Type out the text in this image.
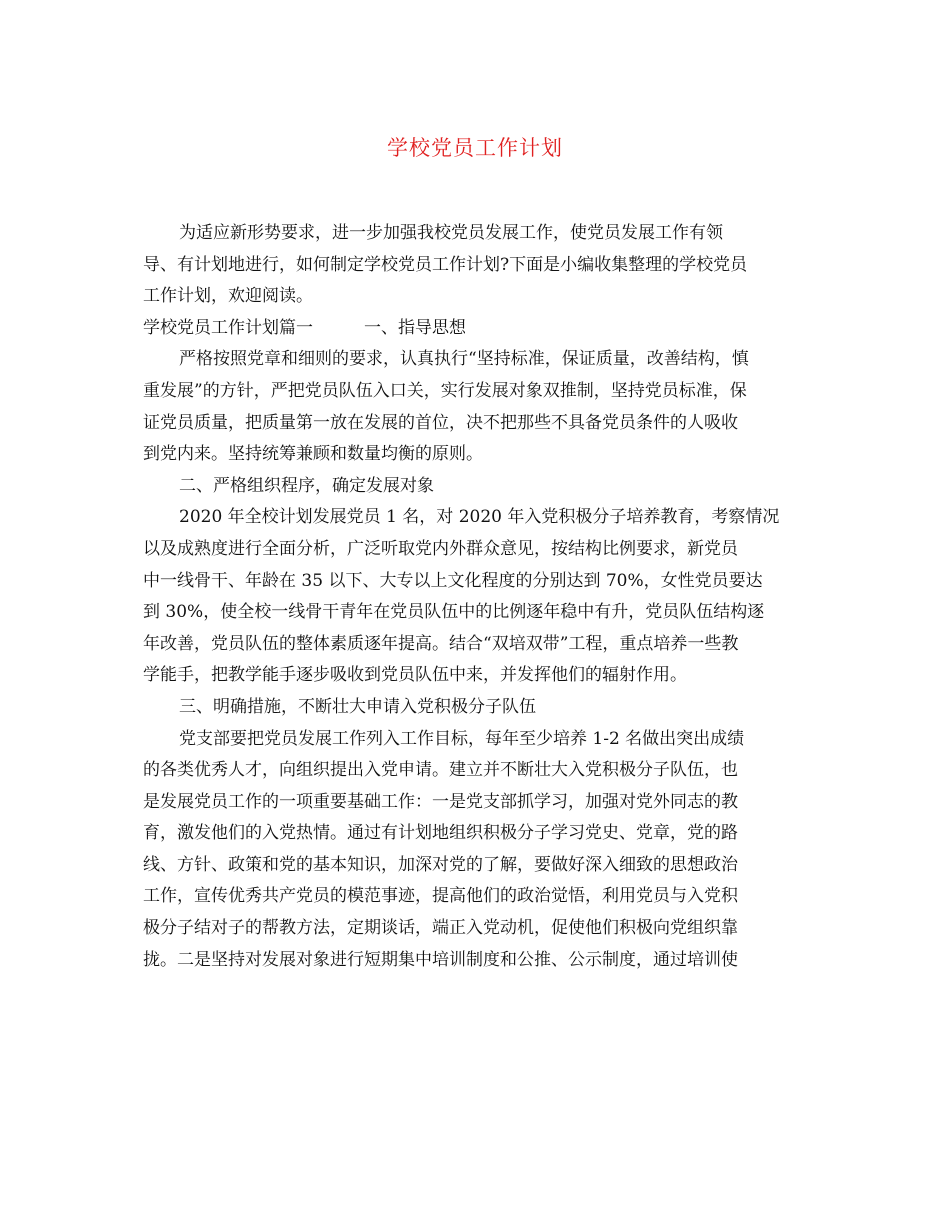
学校党员工作计划
为适应新形势要求，进一步加强我校党员发展工作，使党员发展工作有领
导、有计划地进行，如何制定学校党员工作计划?下面是小编收集整理的学校党员
工作计划，欢迎阅读。
学校党员工作计划篇一　　　一、指导思想
严格按照党章和细则的要求，认真执行“坚持标准，保证质量，改善结构，慎
重发展”的方针，严把党员队伍入口关，实行发展对象双推制，坚持党员标准，保
证党员质量，把质量第一放在发展的首位，决不把那些不具备党员条件的人吸收
到党内来。坚持统筹兼顾和数量均衡的原则。
二、严格组织程序，确定发展对象
2020 年全校计划发展党员 1 名，对 2020 年入党积极分子培养教育，考察情况
以及成熟度进行全面分析，广泛听取党内外群众意见，按结构比例要求，新党员
中一线骨干、年龄在 35 以下、大专以上文化程度的分别达到 70%，女性党员要达
到 30%，使全校一线骨干青年在党员队伍中的比例逐年稳中有升，党员队伍结构逐
年改善，党员队伍的整体素质逐年提高。结合“双培双带”工程，重点培养一些教
学能手，把教学能手逐步吸收到党员队伍中来，并发挥他们的辐射作用。
三、明确措施，不断壮大申请入党积极分子队伍
党支部要把党员发展工作列入工作目标，每年至少培养 1-2 名做出突出成绩
的各类优秀人才，向组织提出入党申请。建立并不断壮大入党积极分子队伍，也
是发展党员工作的一项重要基础工作：一是党支部抓学习，加强对党外同志的教
育，激发他们的入党热情。通过有计划地组织积极分子学习党史、党章，党的路
线、方针、政策和党的基本知识，加深对党的了解，要做好深入细致的思想政治
工作，宣传优秀共产党员的模范事迹，提高他们的政治觉悟，利用党员与入党积
极分子结对子的帮教方法，定期谈话，端正入党动机，促使他们积极向党组织靠
拢。二是坚持对发展对象进行短期集中培训制度和公推、公示制度，通过培训使
